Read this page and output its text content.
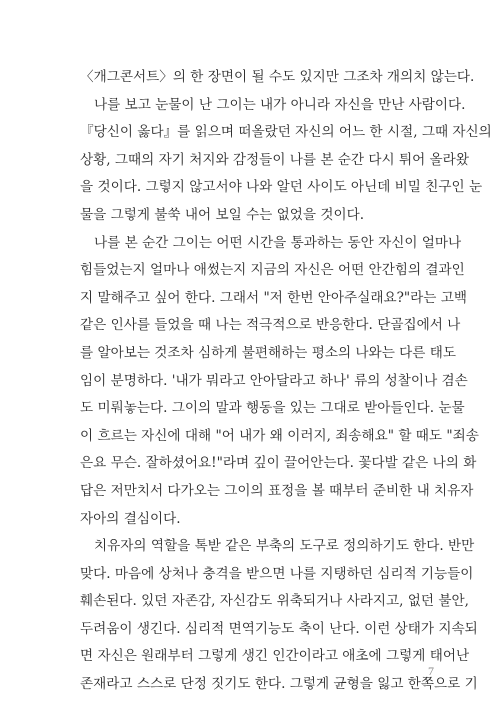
〈개그콘서트〉의 한 장면이 될 수도 있지만 그조차 개의치 않는다.
나를 보고 눈물이 난 그이는 내가 아니라 자신을 만난 사람이다.
『당신이 옳다』를 읽으며 떠올랐던 자신의 어느 한 시절, 그때 자신의
상황, 그때의 자기 처지와 감정들이 나를 본 순간 다시 튀어 올라왔
을 것이다. 그렇지 않고서야 나와 알던 사이도 아닌데 비밀 친구인 눈
물을 그렇게 불쑥 내어 보일 수는 없었을 것이다.
나를 본 순간 그이는 어떤 시간을 통과하는 동안 자신이 얼마나
힘들었는지 얼마나 애썼는지 지금의 자신은 어떤 안간힘의 결과인
지 말해주고 싶어 한다. 그래서 "저 한번 안아주실래요?"라는 고백
같은 인사를 들었을 때 나는 적극적으로 반응한다. 단골집에서 나
를 알아보는 것조차 심하게 불편해하는 평소의 나와는 다른 태도
임이 분명하다. '내가 뭐라고 안아달라고 하나' 류의 성찰이나 겸손
도 미뤄놓는다. 그이의 말과 행동을 있는 그대로 받아들인다. 눈물
이 흐르는 자신에 대해 "어 내가 왜 이러지, 죄송해요" 할 때도 "죄송
은요 무슨. 잘하셨어요!"라며 깊이 끌어안는다. 꽃다발 같은 나의 화
답은 저만치서 다가오는 그이의 표정을 볼 때부터 준비한 내 치유자
자아의 결심이다.
치유자의 역할을 톡받 같은 부축의 도구로 정의하기도 한다. 반만
맞다. 마음에 상처나 충격을 받으면 나를 지탱하던 심리적 기능들이
훼손된다. 있던 자존감, 자신감도 위축되거나 사라지고, 없던 불안,
두려움이 생긴다. 심리적 면역기능도 축이 난다. 이런 상태가 지속되
면 자신은 원래부터 그렇게 생긴 인간이라고 애초에 그렇게 태어난
존재라고 스스로 단정 짓기도 한다. 그렇게 균형을 잃고 한쪽으로 기
7
